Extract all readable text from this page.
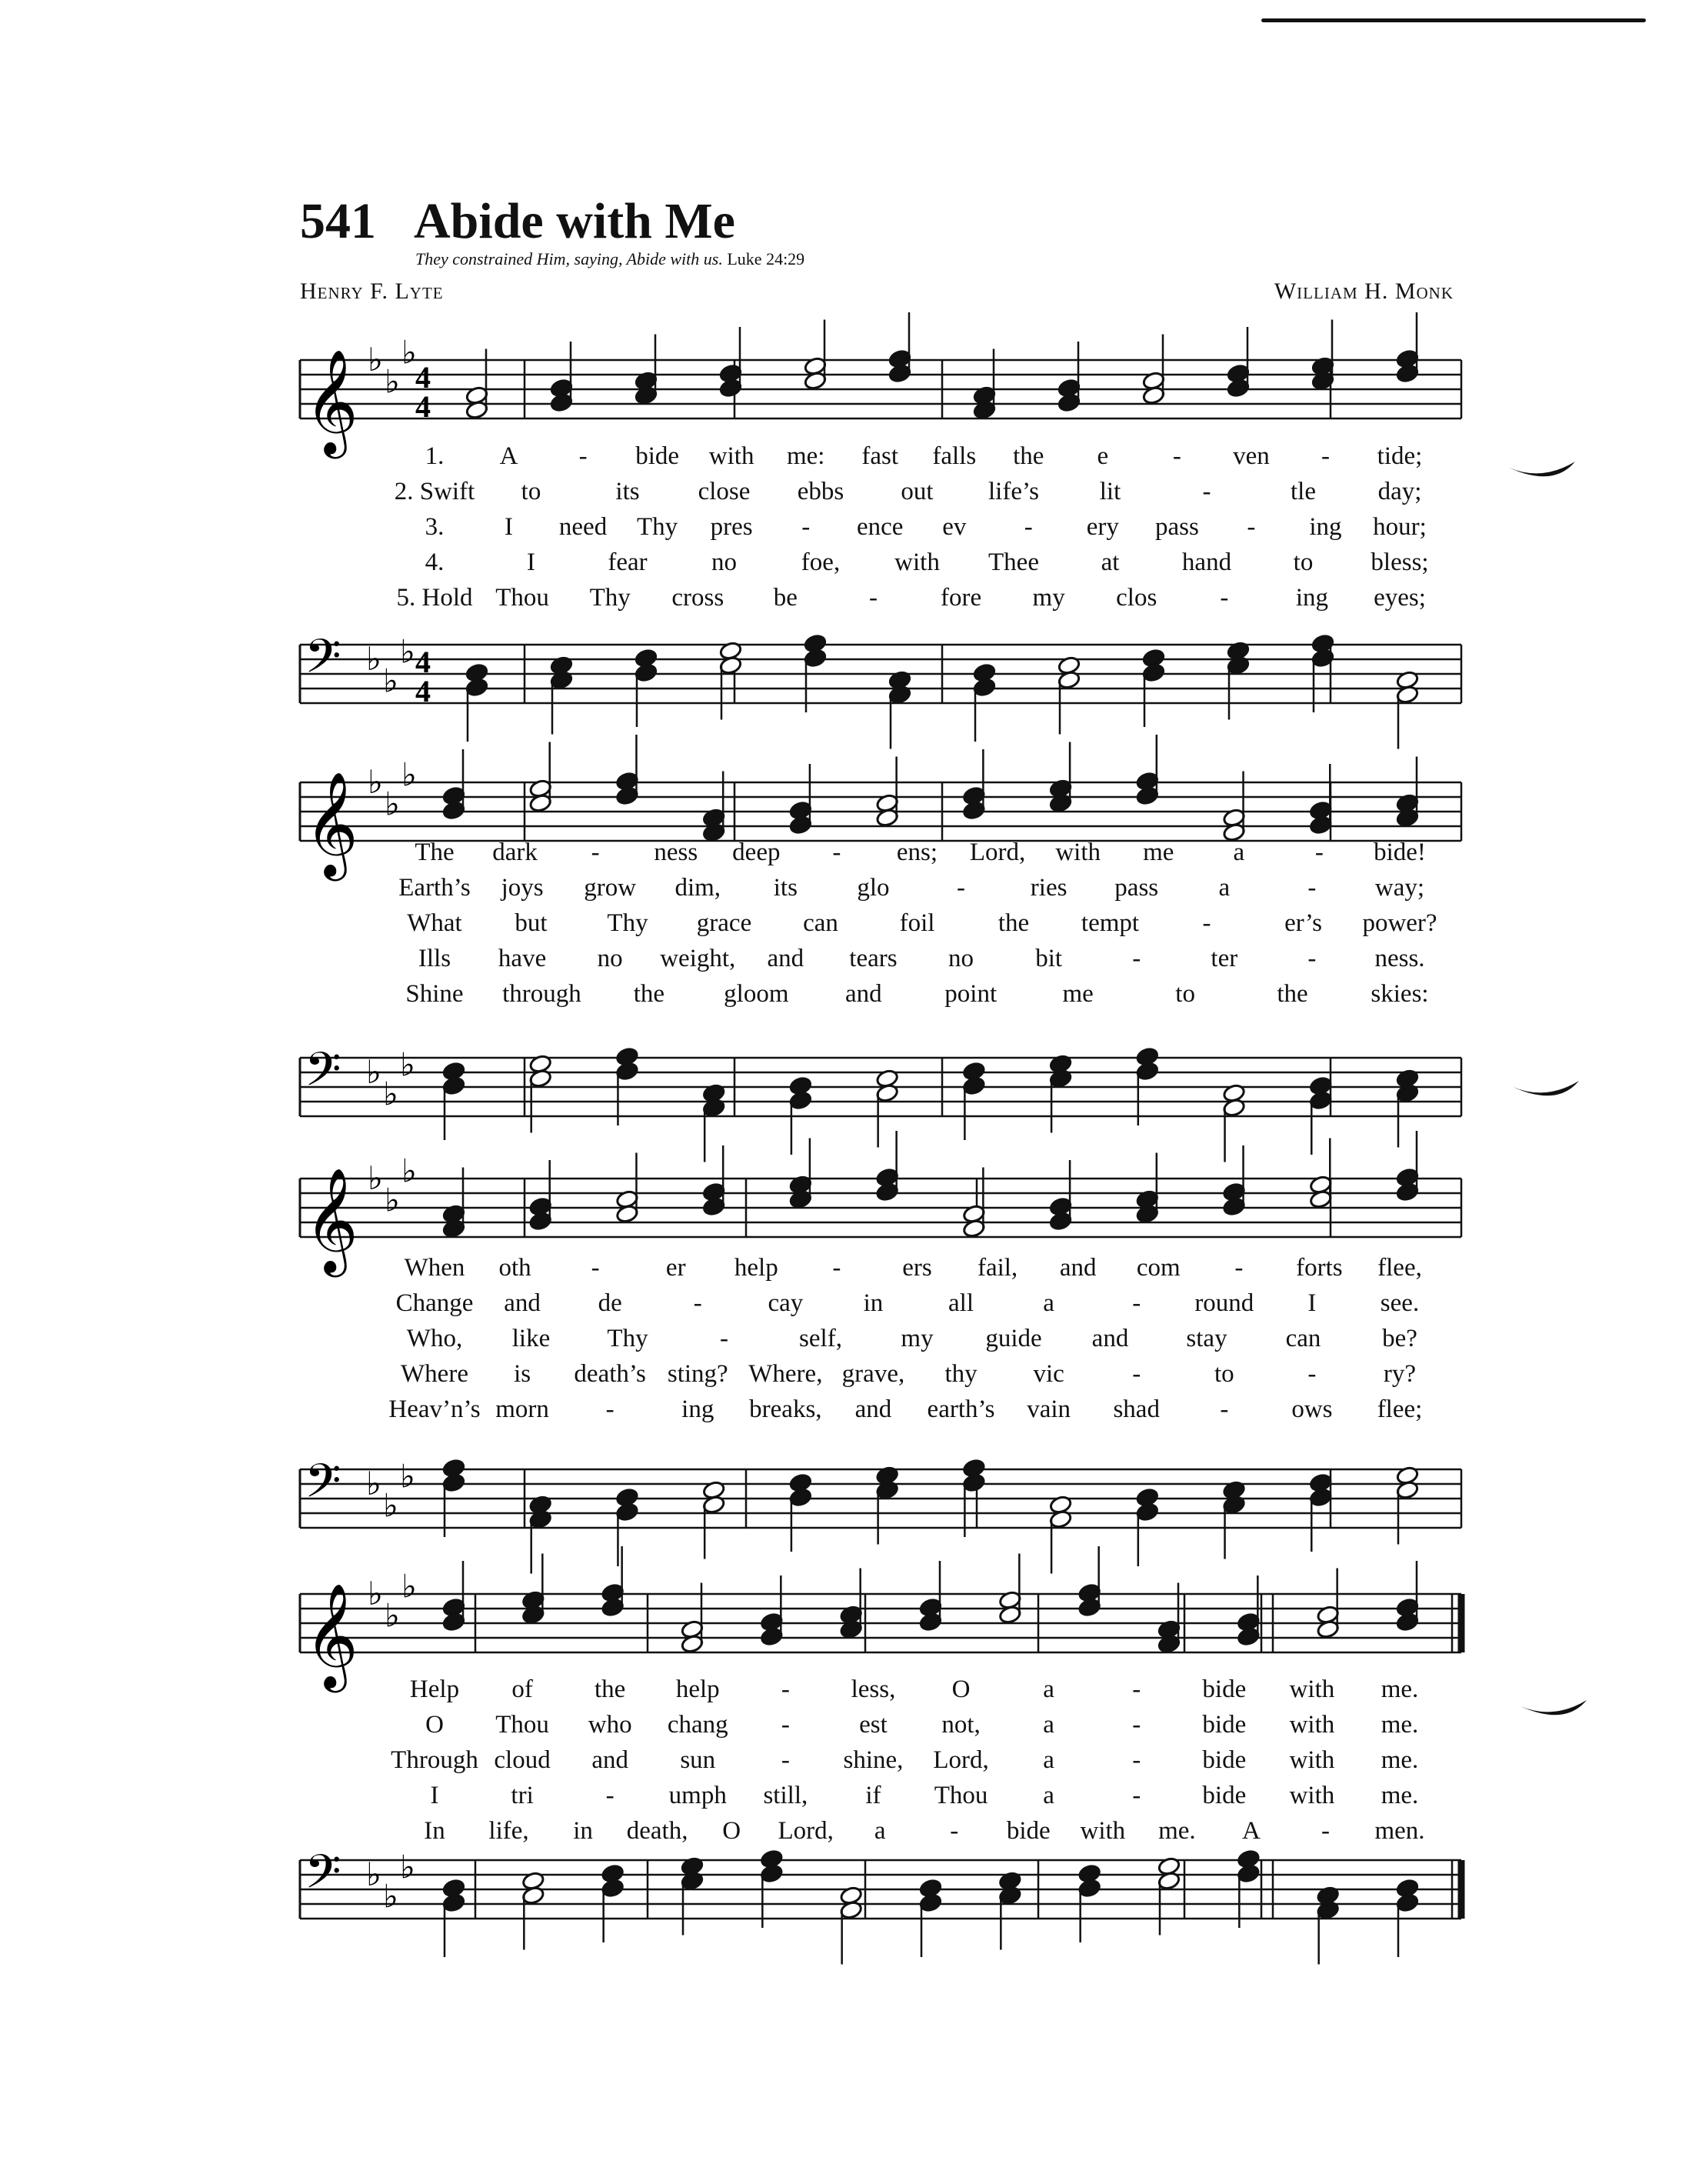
541 Abide with Me
They constrained Him, saying, Abide with us. Luke 24:29
Henry F. Lyte	William H. Monk
𝄞 ♭
♭
♭
4
4
𝄢 ♭
♭
♭ 4
4
1. A - bide with me: fast falls the e	- ven - tide;
2. Swift to	its close ebbs out life’s lit	-	tle day;
3. I need Thy pres - ence ev - ery pass - ing hour;
4.	I	fear	no	foe, with Thee at hand to bless;
5. Hold Thou Thy cross be	- fore my clos -	ing eyes;
𝄞 ♭
♭
♭
𝄢 ♭
♭
♭
The dark - ness deep - ens; Lord, with me a	- bide!
Earth’s joys grow dim, its glo	-	ries pass a	- way;
What but Thy grace can foil the tempt -	er’s power?
Ills have no weight, and tears no bit	-	ter	- ness.
Shine through the gloom and point	me	to	the skies:
𝄞 ♭
♭
♭
𝄢 ♭
♭
♭
When oth -	er help - ers fail, and com - forts flee,
Change and de	-	cay in	all	a	- round I	see.
Who, like Thy	-	self, my guide and stay can be?
Where is death’s sting? Where, grave, thy vic	-	to	-	ry?
Heav’n’s morn -	ing breaks, and earth’s vain shad - ows flee;
𝄞 ♭
♭
♭
𝄢 ♭
♭
♭
Help of the help - less, O	a	- bide with me.
O Thou who chang -	est not, a	- bide with me.
Through cloud and sun	- shine, Lord, a	- bide with me.
I	tri	- umph still, if Thou a	- bide with me.
In life, in death, O Lord, a	- bide with me. A - men.
